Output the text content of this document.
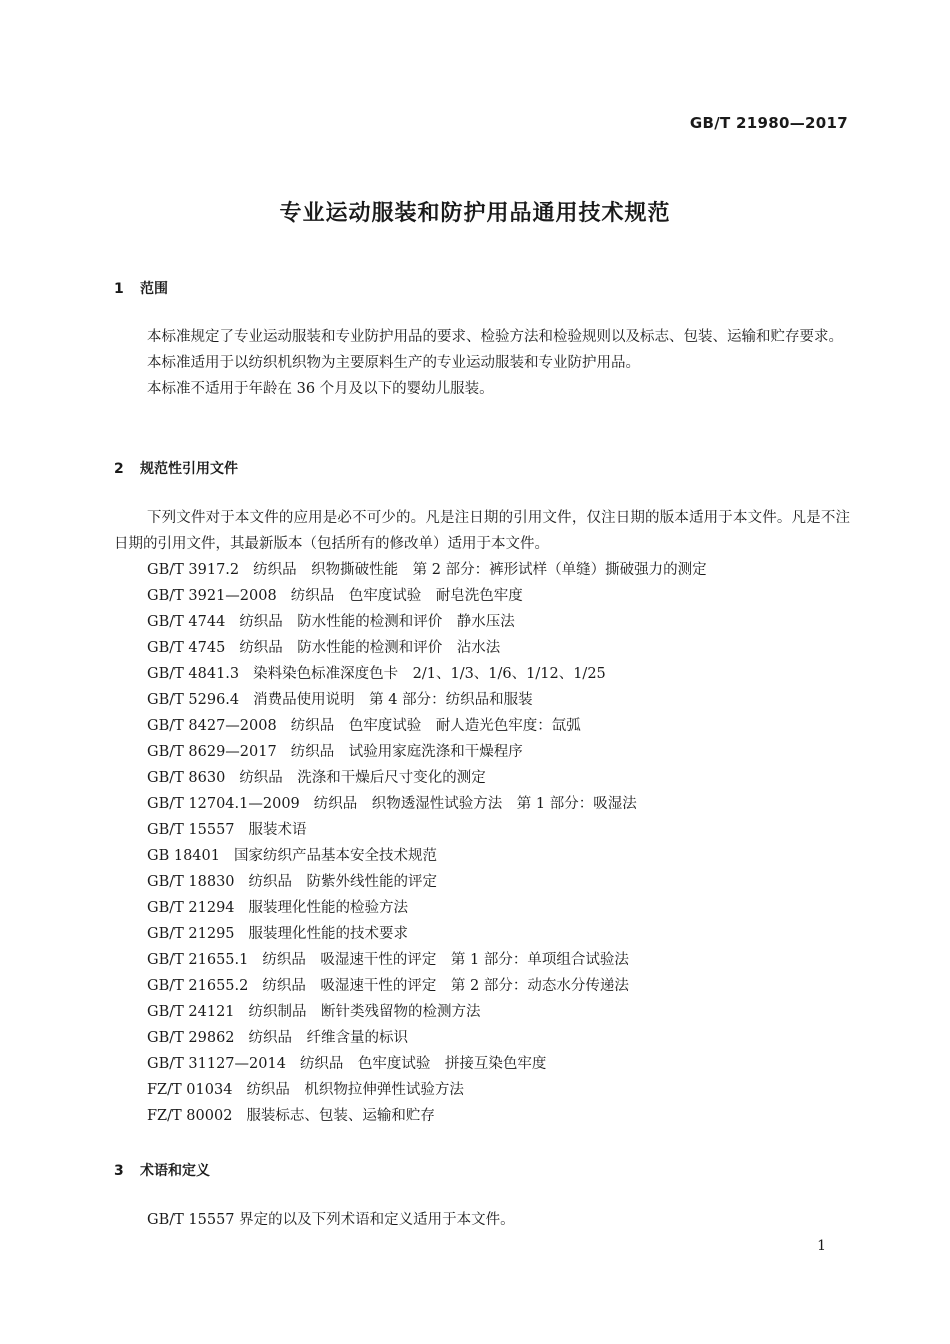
GB/T 21980—2017
专业运动服装和防护用品通用技术规范
1 范围

本标准规定了专业运动服装和专业防护用品的要求、检验方法和检验规则以及标志、包装、运输和贮存要求。

本标准适用于以纺织机织物为主要原料生产的专业运动服装和专业防护用品。

本标准不适用于年龄在 36 个月及以下的婴幼儿服装。

2 规范性引用文件

下列文件对于本文件的应用是必不可少的。凡是注日期的引用文件，仅注日期的版本适用于本文件。凡是不注日期的引用文件，其最新版本（包括所有的修改单）适用于本文件。

GB/T 3917.2 纺织品　织物撕破性能　第 2 部分：裤形试样（单缝）撕破强力的测定
GB/T 3921—2008 纺织品　色牢度试验　耐皂洗色牢度
GB/T 4744 纺织品　防水性能的检测和评价　静水压法
GB/T 4745 纺织品　防水性能的检测和评价　沾水法
GB/T 4841.3 染料染色标准深度色卡　2/1、1/3、1/6、1/12、1/25
GB/T 5296.4 消费品使用说明　第 4 部分：纺织品和服装
GB/T 8427—2008 纺织品　色牢度试验　耐人造光色牢度：氙弧
GB/T 8629—2017 纺织品　试验用家庭洗涤和干燥程序
GB/T 8630 纺织品　洗涤和干燥后尺寸变化的测定
GB/T 12704.1—2009 纺织品　织物透湿性试验方法　第 1 部分：吸湿法
GB/T 15557 服装术语
GB 18401 国家纺织产品基本安全技术规范
GB/T 18830 纺织品　防紫外线性能的评定
GB/T 21294 服装理化性能的检验方法
GB/T 21295 服装理化性能的技术要求
GB/T 21655.1 纺织品　吸湿速干性的评定　第 1 部分：单项组合试验法
GB/T 21655.2 纺织品　吸湿速干性的评定　第 2 部分：动态水分传递法
GB/T 24121 纺织制品　断针类残留物的检测方法
GB/T 29862 纺织品　纤维含量的标识
GB/T 31127—2014 纺织品　色牢度试验　拼接互染色牢度
FZ/T 01034 纺织品　机织物拉伸弹性试验方法
FZ/T 80002 服装标志、包装、运输和贮存
3 术语和定义

GB/T 15557 界定的以及下列术语和定义适用于本文件。

1
